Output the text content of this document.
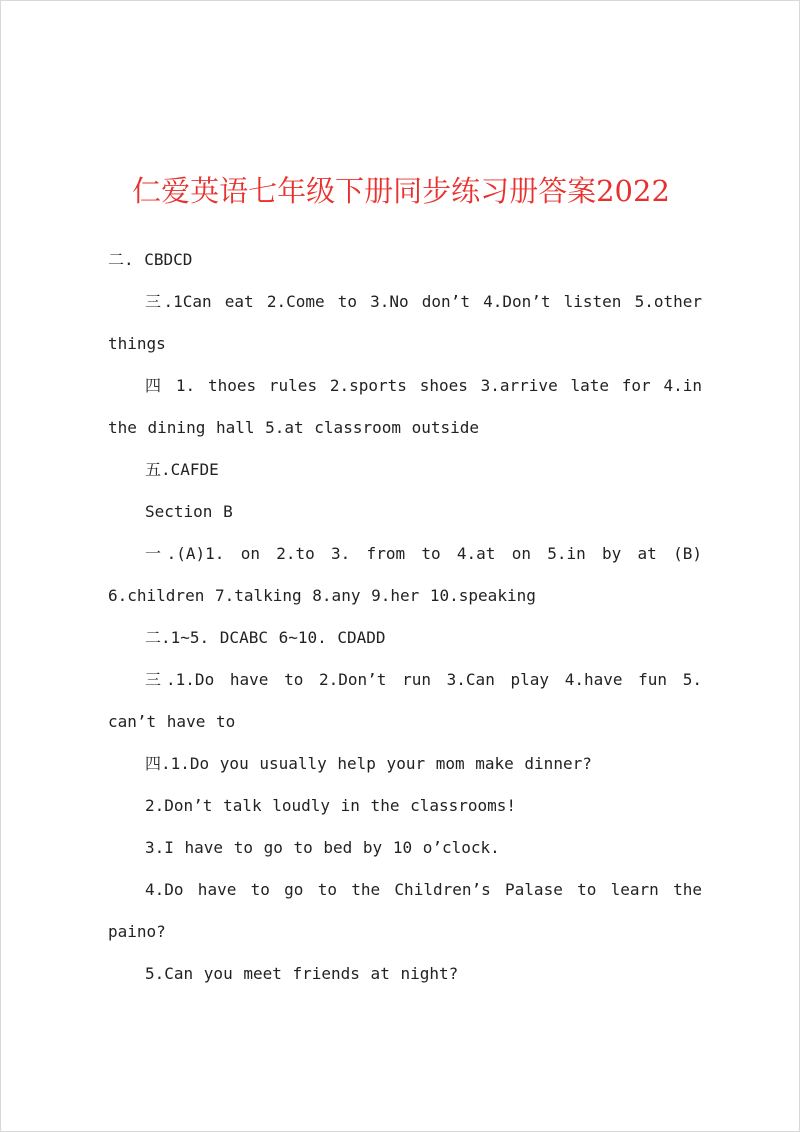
仁爱英语七年级下册同步练习册答案2022

二. CBDCD

三.1Can eat 2.Come to 3.No don’t 4.Don’t listen 5.other things

四 1. thoes rules 2.sports shoes 3.arrive late for 4.in the dining hall 5.at classroom outside

五.CAFDE

Section B

一.(A)1. on 2.to 3. from to 4.at on 5.in by at (B) 6.children 7.talking 8.any 9.her 10.speaking

二.1~5. DCABC 6~10. CDADD

三.1.Do have to 2.Don’t run 3.Can play 4.have fun 5. can’t have to

四.1.Do you usually help your mom make dinner?

2.Don’t talk loudly in the classrooms!

3.I have to go to bed by 10 o’clock.

4.Do have to go to the Children’s Palase to learn the paino?

5.Can you meet friends at night?
